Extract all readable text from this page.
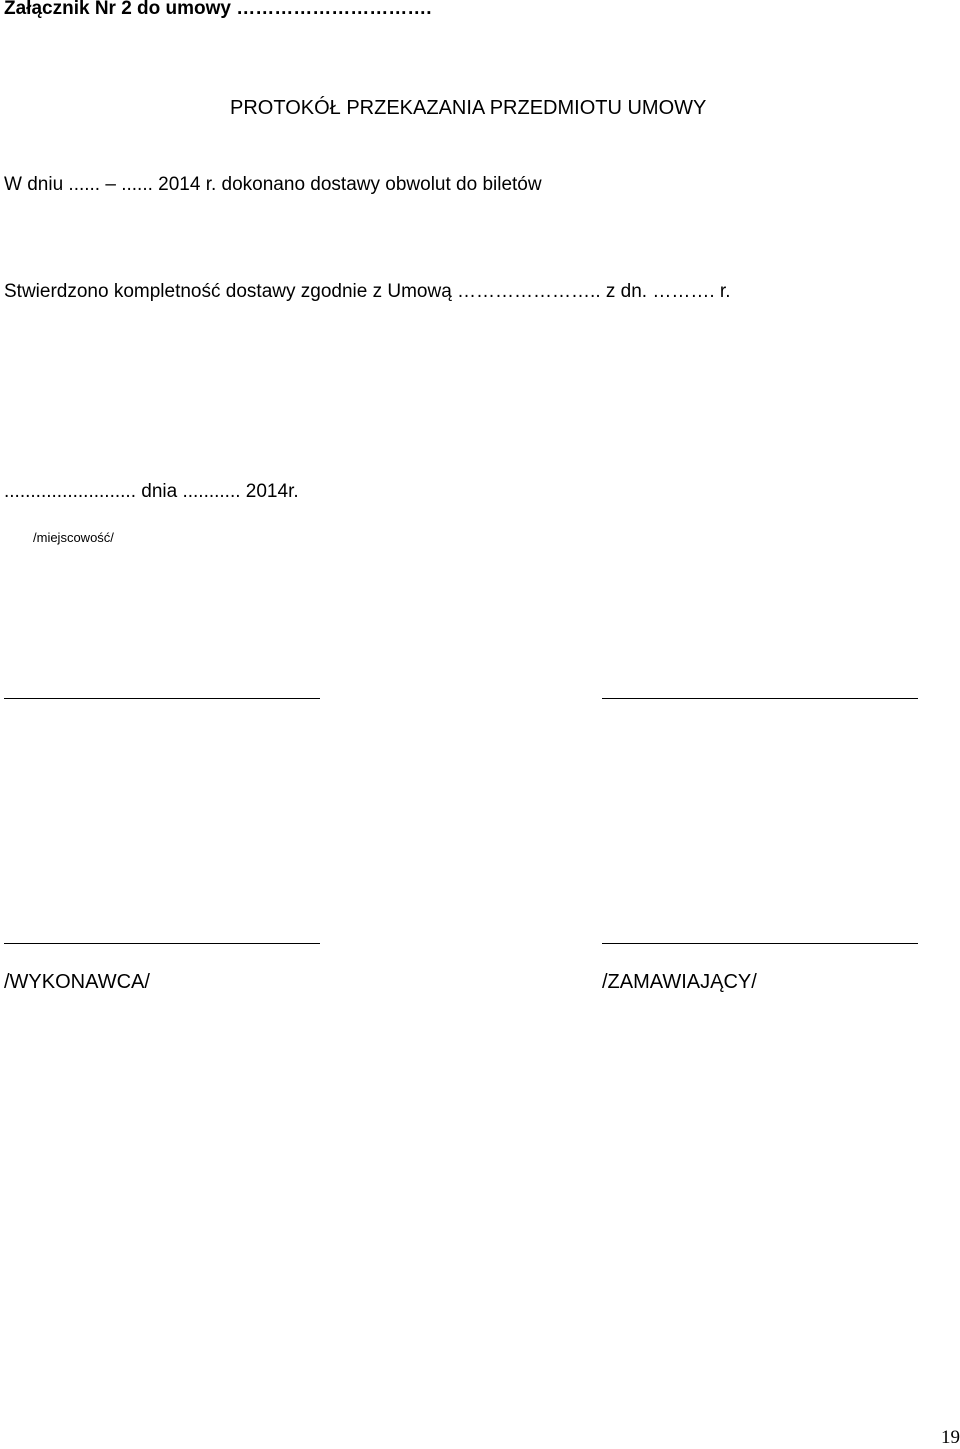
Załącznik Nr 2 do umowy ………………………….
PROTOKÓŁ PRZEKAZANIA PRZEDMIOTU UMOWY
W dniu ...... – ...... 2014 r. dokonano dostawy obwolut do biletów
Stwierdzono kompletność dostawy zgodnie z Umową ………………….. z dn. ………. r.
......................... dnia ........... 2014r.
/miejscowość/
/WYKONAWCA/	/ZAMAWIAJĄCY/
19
